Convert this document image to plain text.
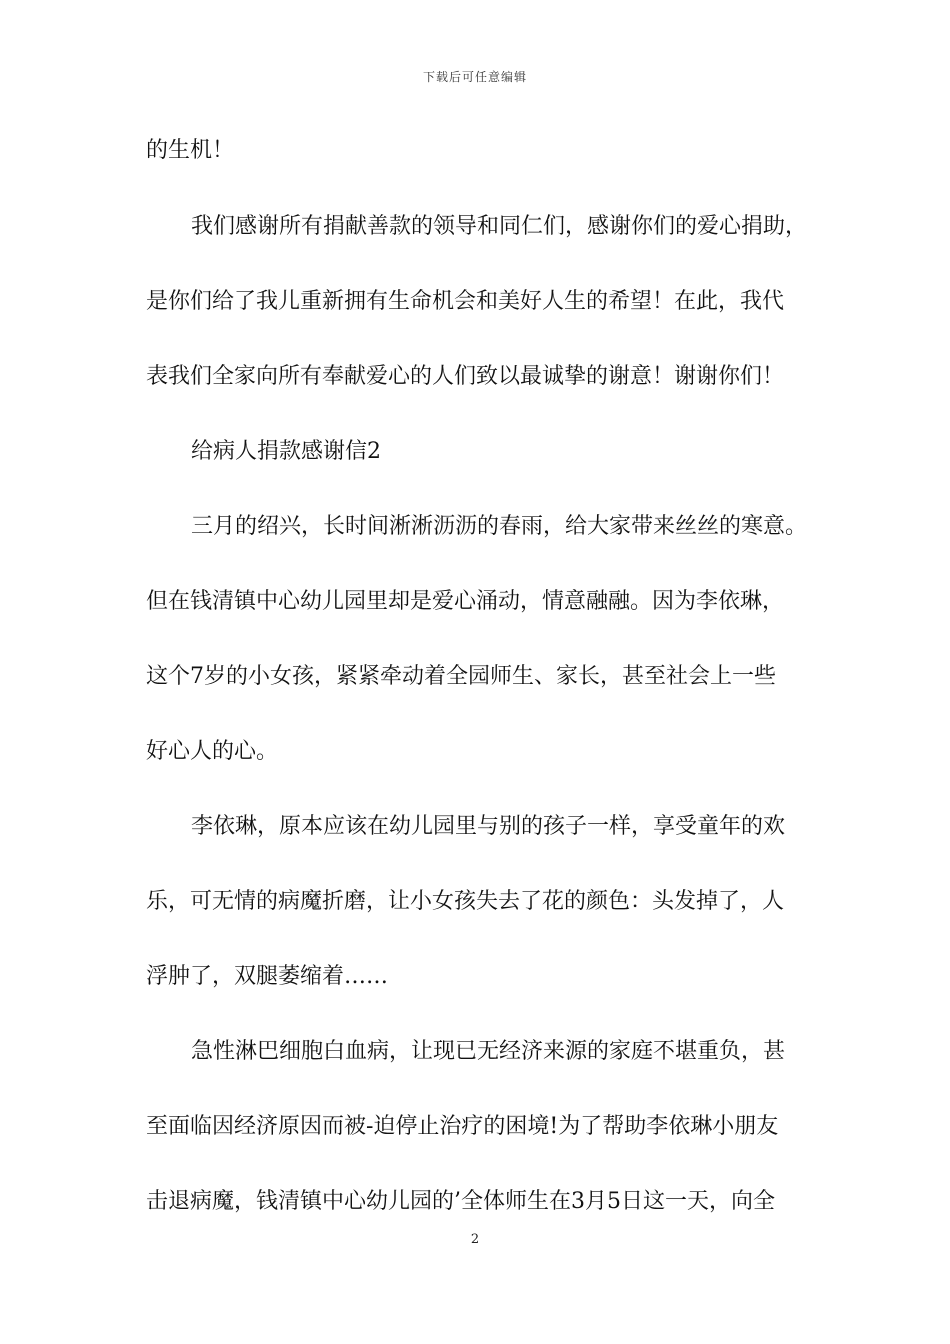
下载后可任意编辑
的生机！
我们感谢所有捐献善款的领导和同仁们，感谢你们的爱心捐助，
是你们给了我儿重新拥有生命机会和美好人生的希望！在此，我代
表我们全家向所有奉献爱心的人们致以最诚挚的谢意！谢谢你们！
给病人捐款感谢信2
三月的绍兴，长时间淅淅沥沥的春雨，给大家带来丝丝的寒意。
但在钱清镇中心幼儿园里却是爱心涌动，情意融融。因为李依琳，
这个7岁的小女孩，紧紧牵动着全园师生、家长，甚至社会上一些
好心人的心。
李依琳，原本应该在幼儿园里与别的孩子一样，享受童年的欢
乐，可无情的病魔折磨，让小女孩失去了花的颜色：头发掉了，人
浮肿了，双腿萎缩着……
急性淋巴细胞白血病，让现已无经济来源的家庭不堪重负，甚
至面临因经济原因而被-迫停止治疗的困境!为了帮助李依琳小朋友
击退病魔，钱清镇中心幼儿园的’全体师生在3月5日这一天，向全
2
